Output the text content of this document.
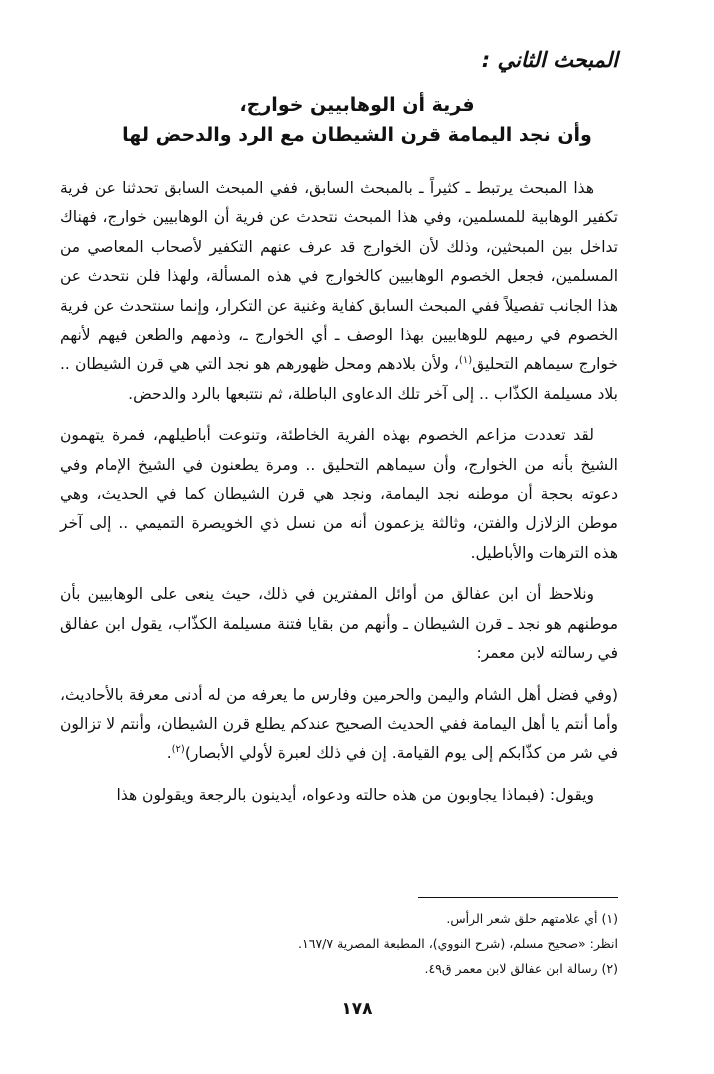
المبحث الثاني :
فرية أن الوهابيين خوارج،
وأن نجد اليمامة قرن الشيطان مع الرد والدحض لها

هذا المبحث يرتبط ـ كثيراً ـ بالمبحث السابق، ففي المبحث السابق تحدثنا عن فرية تكفير الوهابية للمسلمين، وفي هذا المبحث نتحدث عن فرية أن الوهابيين خوارج، فهناك تداخل بين المبحثين، وذلك لأن الخوارج قد عرف عنهم التكفير لأصحاب المعاصي من المسلمين، فجعل الخصوم الوهابيين كالخوارج في هذه المسألة، ولهذا فلن نتحدث عن هذا الجانب تفصيلاً ففي المبحث السابق كفاية وغنية عن التكرار، وإنما سنتحدث عن فرية الخصوم في رميهم للوهابيين بهذا الوصف ـ أي الخوارج ـ، وذمهم والطعن فيهم لأنهم خوارج سيماهم التحليق$^{(١)}$، ولأن بلادهم ومحل ظهورهم هو نجد التي هي قرن الشيطان .. بلاد مسيلمة الكذّاب .. إلى آخر تلك الدعاوى الباطلة، ثم نتتبعها بالرد والدحض.

لقد تعددت مزاعم الخصوم بهذه الفرية الخاطئة، وتنوعت أباطيلهم، فمرة يتهمون الشيخ بأنه من الخوارج، وأن سيماهم التحليق .. ومرة يطعنون في الشيخ الإمام وفي دعوته بحجة أن موطنه نجد اليمامة، ونجد هي قرن الشيطان كما في الحديث، وهي موطن الزلازل والفتن، وثالثة يزعمون أنه من نسل ذي الخويصرة التميمي .. إلى آخر هذه الترهات والأباطيل.

ونلاحظ أن ابن عفالق من أوائل المفترين في ذلك، حيث ينعى على الوهابيين بأن موطنهم هو نجد ـ قرن الشيطان ـ وأنهم من بقايا فتنة مسيلمة الكذّاب، يقول ابن عفالق في رسالته لابن معمر:

(وفي فضل أهل الشام واليمن والحرمين وفارس ما يعرفه من له أدنى معرفة بالأحاديث، وأما أنتم يا أهل اليمامة ففي الحديث الصحيح عندكم يطلع قرن الشيطان، وأنتم لا تزالون في شر من كذّابكم إلى يوم القيامة. إن في ذلك لعبرة لأولي الأبصار)$^{(٢)}$.

ويقول: (فبماذا يجاوبون من هذه حالته ودعواه، أيدينون بالرجعة ويقولون هذا

(١) أي علامتهم حلق شعر الرأس.
انظر: «صحيح مسلم، (شرح النووي)، المطبعة المصرية ١٦٧/٧.
(٢) رسالة ابن عفالق لابن معمر ق٤٩.
١٧٨
